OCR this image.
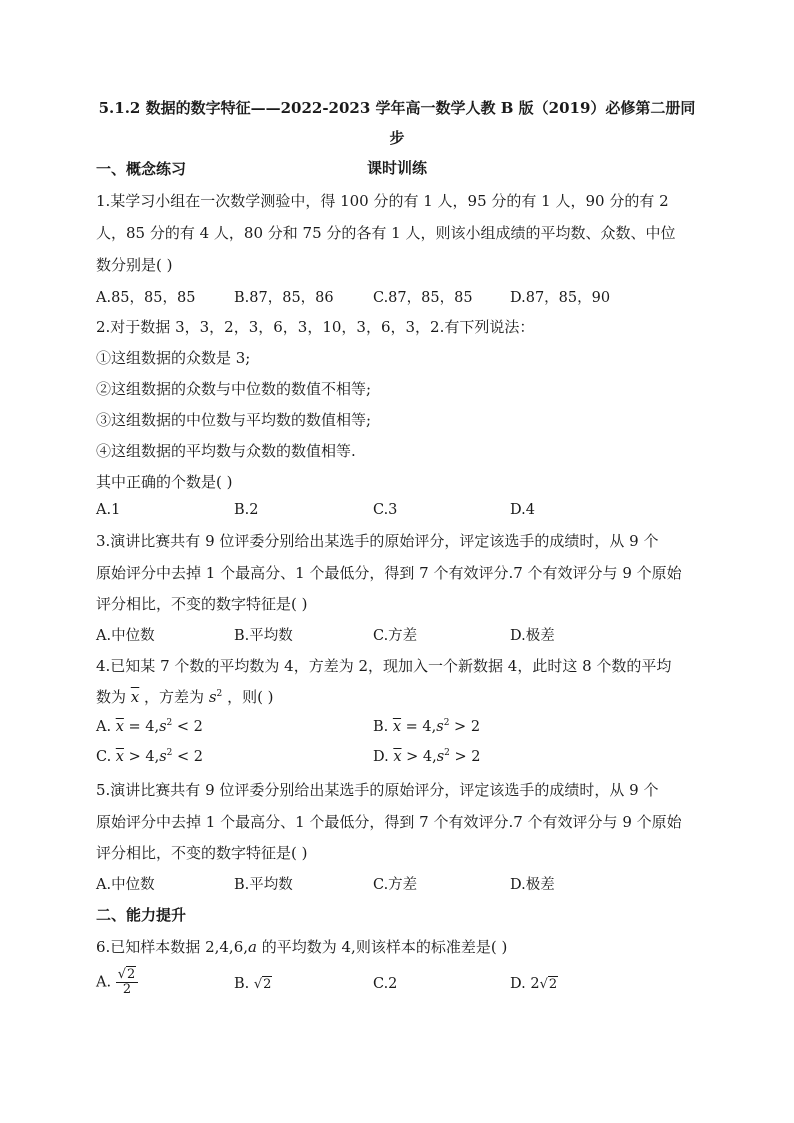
5.1.2 数据的数字特征——2022-2023 学年高一数学人教 B 版（2019）必修第二册同步
课时训练
一、概念练习
1.某学习小组在一次数学测验中，得 100 分的有 1 人，95 分的有 1 人，90 分的有 2
人，85 分的有 4 人，80 分和 75 分的各有 1 人，则该小组成绩的平均数、众数、中位
数分别是( )
A.85，85，85	B.87，85，86	C.87，85，85	D.87，85，90
2.对于数据 3，3，2，3，6，3，10，3，6，3，2.有下列说法：
①这组数据的众数是 3;
②这组数据的众数与中位数的数值不相等;
③这组数据的中位数与平均数的数值相等;
④这组数据的平均数与众数的数值相等.
其中正确的个数是( )
A.1	B.2	C.3	D.4
3.演讲比赛共有 9 位评委分别给出某选手的原始评分，评定该选手的成绩时，从 9 个
原始评分中去掉 1 个最高分、1 个最低分，得到 7 个有效评分.7 个有效评分与 9 个原始
评分相比，不变的数字特征是( )
A.中位数	B.平均数	C.方差	D.极差
4.已知某 7 个数的平均数为 4，方差为 2，现加入一个新数据 4，此时这 8 个数的平均
数为 $\overline{x}$ ，方差为 $s^2$ ，则( )
A. $\overline{x} = 4,s^2 < 2$	B. $\overline{x} = 4,s^2 > 2$
C. $\overline{x} > 4,s^2 < 2$	D. $\overline{x} > 4,s^2 > 2$
5.演讲比赛共有 9 位评委分别给出某选手的原始评分，评定该选手的成绩时，从 9 个
原始评分中去掉 1 个最高分、1 个最低分，得到 7 个有效评分.7 个有效评分与 9 个原始
评分相比，不变的数字特征是( )
A.中位数	B.平均数	C.方差	D.极差
二、能力提升
6.已知样本数据 2,4,6,a 的平均数为 4,则该样本的标准差是( )
A. $\frac{√2}{2}$	B. √2	C.2	D. 2√2
